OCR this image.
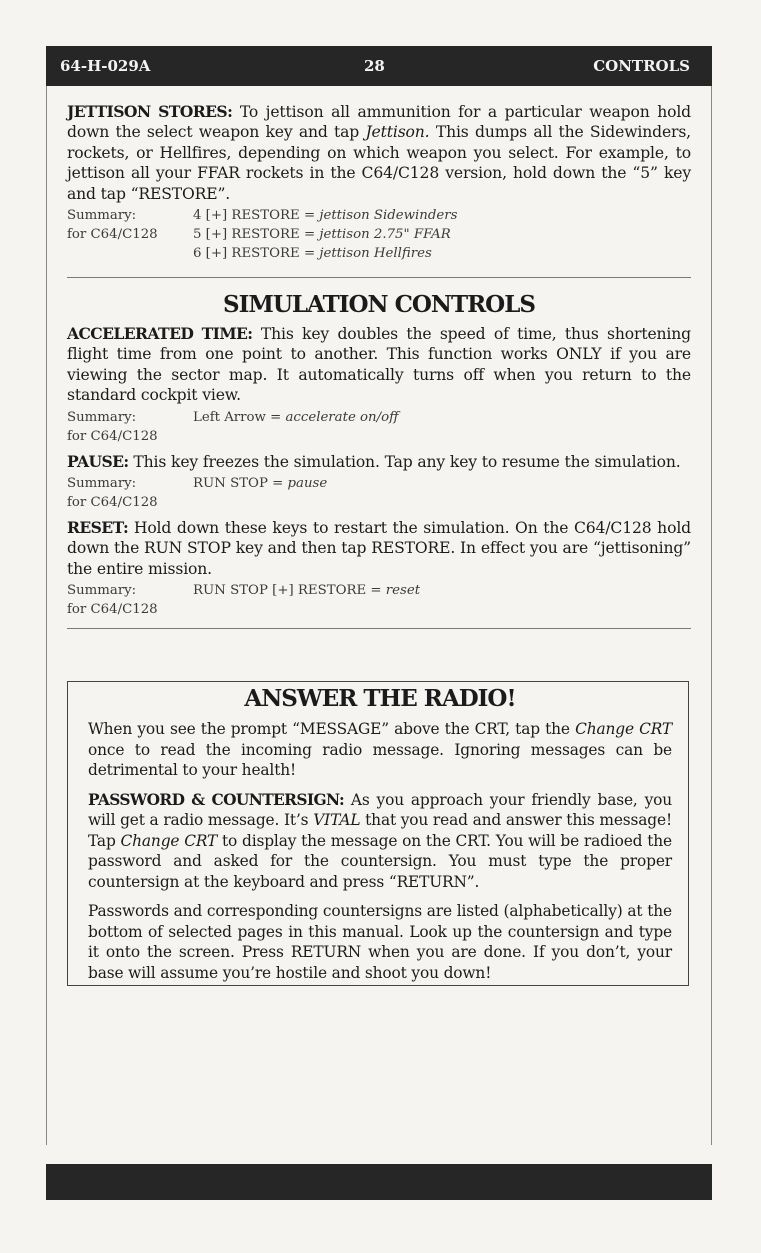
64-H-029A	28	CONTROLS

JETTISON STORES: To jettison all ammunition for a particular weapon hold down the select weapon key and tap Jettison. This dumps all the Sidewinders, rockets, or Hellfires, depending on which weapon you select. For example, to jettison all your FFAR rockets in the C64/C128 version, hold down the “5” key and tap “RESTORE”.

Summary:	4 [+] RESTORE = jettison Sidewinders
for C64/C128	5 [+] RESTORE = jettison 2.75" FFAR
6 [+] RESTORE = jettison Hellfires
SIMULATION CONTROLS

ACCELERATED TIME: This key doubles the speed of time, thus shortening flight time from one point to another. This function works ONLY if you are viewing the sector map. It automatically turns off when you return to the standard cockpit view.

Summary:	Left Arrow = accelerate on/off
for C64/C128

PAUSE: This key freezes the simulation. Tap any key to resume the simulation.

Summary:	RUN STOP = pause
for C64/C128

RESET: Hold down these keys to restart the simulation. On the C64/C128 hold down the RUN STOP key and then tap RESTORE. In effect you are “jettisoning” the entire mission.

Summary:	RUN STOP [+] RESTORE = reset
for C64/C128
ANSWER THE RADIO!

When you see the prompt “MESSAGE” above the CRT, tap the Change CRT once to read the incoming radio message. Ignoring messages can be detrimental to your health!

PASSWORD & COUNTERSIGN: As you approach your friendly base, you will get a radio message. It’s VITAL that you read and answer this message! Tap Change CRT to display the message on the CRT. You will be radioed the password and asked for the countersign. You must type the proper countersign at the keyboard and press “RETURN”.

Passwords and corresponding countersigns are listed (alphabetically) at the bottom of selected pages in this manual. Look up the countersign and type it onto the screen. Press RETURN when you are done. If you don’t, your base will assume you’re hostile and shoot you down!
